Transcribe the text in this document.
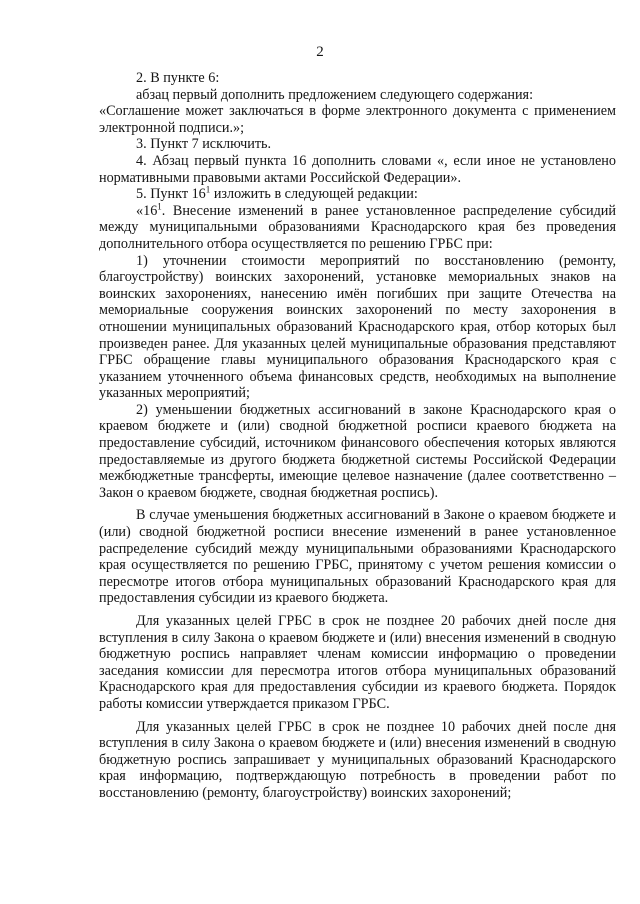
2

2. В пункте 6:

абзац первый дополнить предложением следующего содержания:

«Соглашение может заключаться в форме электронного документа с применением электронной подписи.»;

3. Пункт 7 исключить.

4. Абзац первый пункта 16 дополнить словами «, если иное не установлено нормативными правовыми актами Российской Федерации».

5. Пункт $16^1$ изложить в следующей редакции:

«$16^1$. Внесение изменений в ранее установленное распределение субсидий между муниципальными образованиями Краснодарского края без проведения дополнительного отбора осуществляется по решению ГРБС при:

1) уточнении стоимости мероприятий по восстановлению (ремонту, благоустройству) воинских захоронений, установке мемориальных знаков на воинских захоронениях, нанесению имён погибших при защите Отечества на мемориальные сооружения воинских захоронений по месту захоронения в отношении муниципальных образований Краснодарского края, отбор которых был произведен ранее. Для указанных целей муниципальные образования представляют ГРБС обращение главы муниципального образования Краснодарского края с указанием уточненного объема финансовых средств, необходимых на выполнение указанных мероприятий;

2) уменьшении бюджетных ассигнований в законе Краснодарского края о краевом бюджете и (или) сводной бюджетной росписи краевого бюджета на предоставление субсидий, источником финансового обеспечения которых являются предоставляемые из другого бюджета бюджетной системы Российской Федерации межбюджетные трансферты, имеющие целевое назначение (далее соответственно – Закон о краевом бюджете, сводная бюджетная роспись).

В случае уменьшения бюджетных ассигнований в Законе о краевом бюджете и (или) сводной бюджетной росписи внесение изменений в ранее установленное распределение субсидий между муниципальными образованиями Краснодарского края осуществляется по решению ГРБС, принятому с учетом решения комиссии о пересмотре итогов отбора муниципальных образований Краснодарского края для предоставления субсидии из краевого бюджета.

Для указанных целей ГРБС в срок не позднее 20 рабочих дней после дня вступления в силу Закона о краевом бюджете и (или) внесения изменений в сводную бюджетную роспись направляет членам комиссии информацию о проведении заседания комиссии для пересмотра итогов отбора муниципальных образований Краснодарского края для предоставления субсидии из краевого бюджета. Порядок работы комиссии утверждается приказом ГРБС.

Для указанных целей ГРБС в срок не позднее 10 рабочих дней после дня вступления в силу Закона о краевом бюджете и (или) внесения изменений в сводную бюджетную роспись запрашивает у муниципальных образований Краснодарского края информацию, подтверждающую потребность в проведении работ по восстановлению (ремонту, благоустройству) воинских захоронений;
